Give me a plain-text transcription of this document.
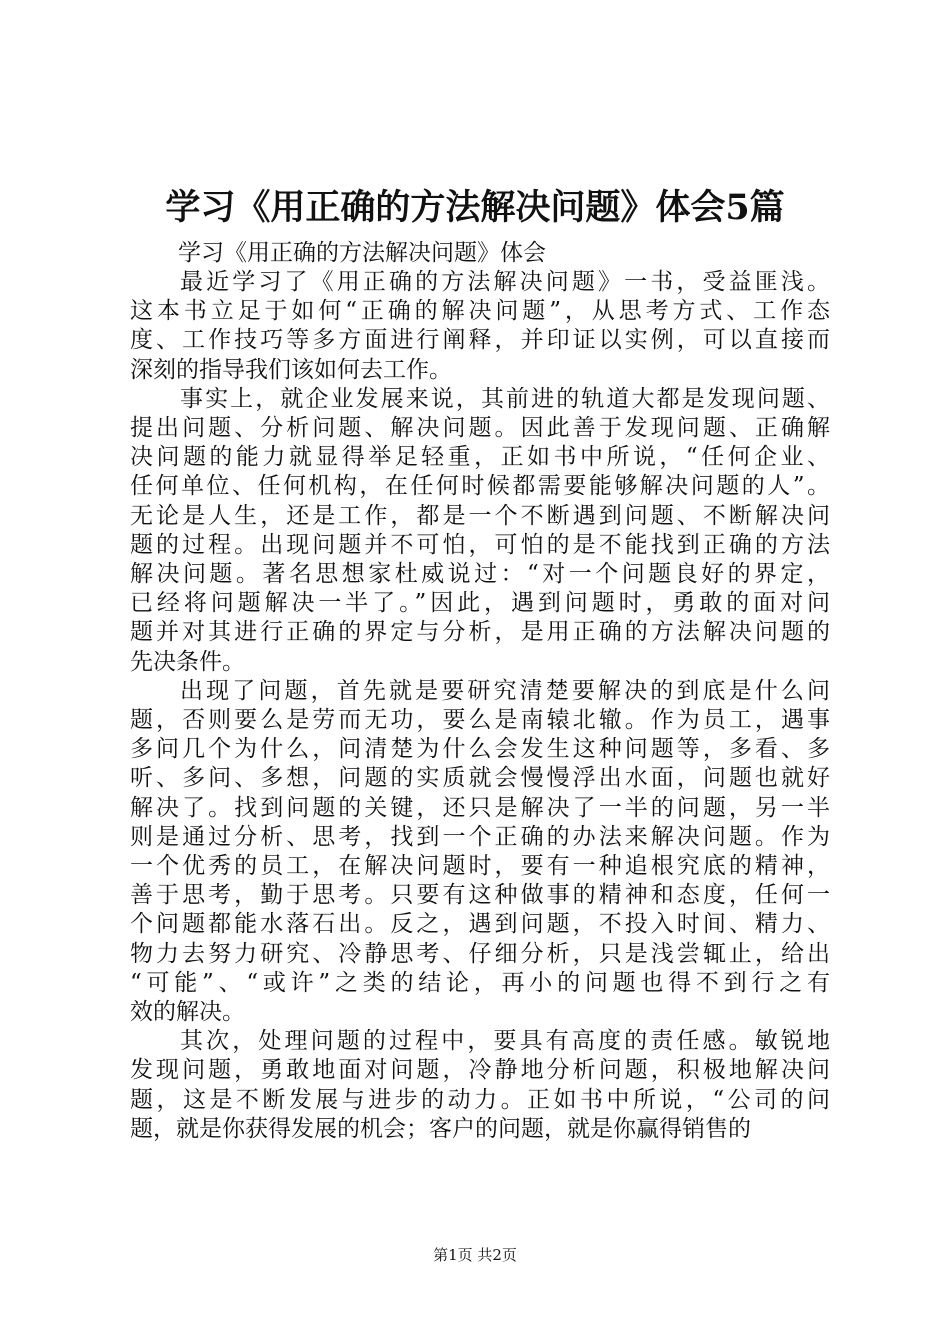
学习《用正确的方法解决问题》体会5篇

学习《用正确的方法解决问题》体会

最近学习了《用正确的方法解决问题》一书，受益匪浅。

这本书立足于如何“正确的解决问题”，从思考方式、工作态

度、工作技巧等多方面进行阐释，并印证以实例，可以直接而

深刻的指导我们该如何去工作。

事实上，就企业发展来说，其前进的轨道大都是发现问题、

提出问题、分析问题、解决问题。因此善于发现问题、正确解

决问题的能力就显得举足轻重，正如书中所说，“任何企业、

任何单位、任何机构，在任何时候都需要能够解决问题的人”。

无论是人生，还是工作，都是一个不断遇到问题、不断解决问

题的过程。出现问题并不可怕，可怕的是不能找到正确的方法

解决问题。著名思想家杜威说过：“对一个问题良好的界定，

已经将问题解决一半了。”因此，遇到问题时，勇敢的面对问

题并对其进行正确的界定与分析，是用正确的方法解决问题的

先决条件。

出现了问题，首先就是要研究清楚要解决的到底是什么问

题，否则要么是劳而无功，要么是南辕北辙。作为员工，遇事

多问几个为什么，问清楚为什么会发生这种问题等，多看、多

听、多问、多想，问题的实质就会慢慢浮出水面，问题也就好

解决了。找到问题的关键，还只是解决了一半的问题，另一半

则是通过分析、思考，找到一个正确的办法来解决问题。作为

一个优秀的员工，在解决问题时，要有一种追根究底的精神，

善于思考，勤于思考。只要有这种做事的精神和态度，任何一

个问题都能水落石出。反之，遇到问题，不投入时间、精力、

物力去努力研究、冷静思考、仔细分析，只是浅尝辄止，给出

“可能”、“或许”之类的结论，再小的问题也得不到行之有

效的解决。

其次，处理问题的过程中，要具有高度的责任感。敏锐地

发现问题，勇敢地面对问题，冷静地分析问题，积极地解决问

题，这是不断发展与进步的动力。正如书中所说，“公司的问

题，就是你获得发展的机会；客户的问题，就是你赢得销售的

第1页 共2页
